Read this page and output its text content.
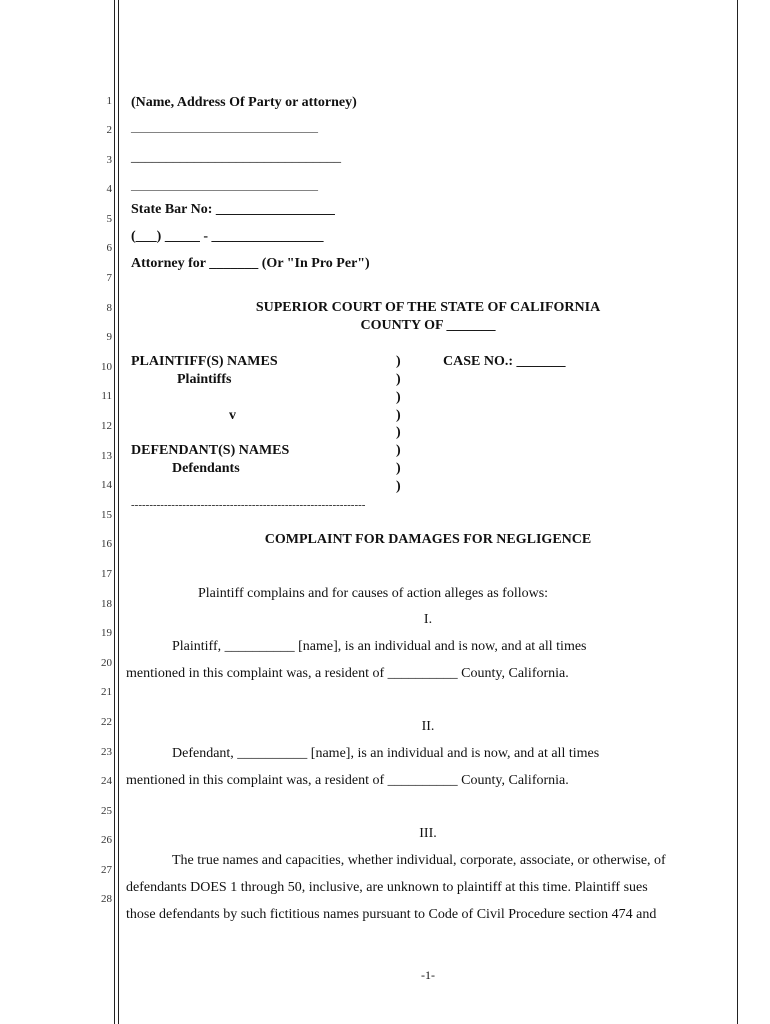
1
2
3
4
5
6
7
8
9
10
11
12
13
14
15
16
17
18
19
20
21
22
23
24
25
26
27
28
(Name, Address Of Party or attorney)
__________________________________
______________________________
__________________________________
State Bar No: _________________
(___) _____ - ________________
Attorney for _______ (Or "In Pro Per")
SUPERIOR COURT OF THE STATE OF CALIFORNIA
COUNTY OF _______
PLAINTIFF(S) NAMES
Plaintiffs
v
DEFENDANT(S) NAMES
Defendants
CASE NO.: _______
)
)
)
)
)
)
)
)
----------------------------------------------------------------
COMPLAINT FOR DAMAGES FOR NEGLIGENCE
Plaintiff complains and for causes of action alleges as follows:
I.
Plaintiff, __________ [name], is an individual and is now, and at all times
mentioned in this complaint was, a resident of __________ County, California.
II.
Defendant, __________ [name], is an individual and is now, and at all times
mentioned in this complaint was, a resident of __________ County, California.
III.
The true names and capacities, whether individual, corporate, associate, or otherwise, of
defendants DOES 1 through 50, inclusive, are unknown to plaintiff at this time. Plaintiff sues
those defendants by such fictitious names pursuant to Code of Civil Procedure section 474 and
-1-
